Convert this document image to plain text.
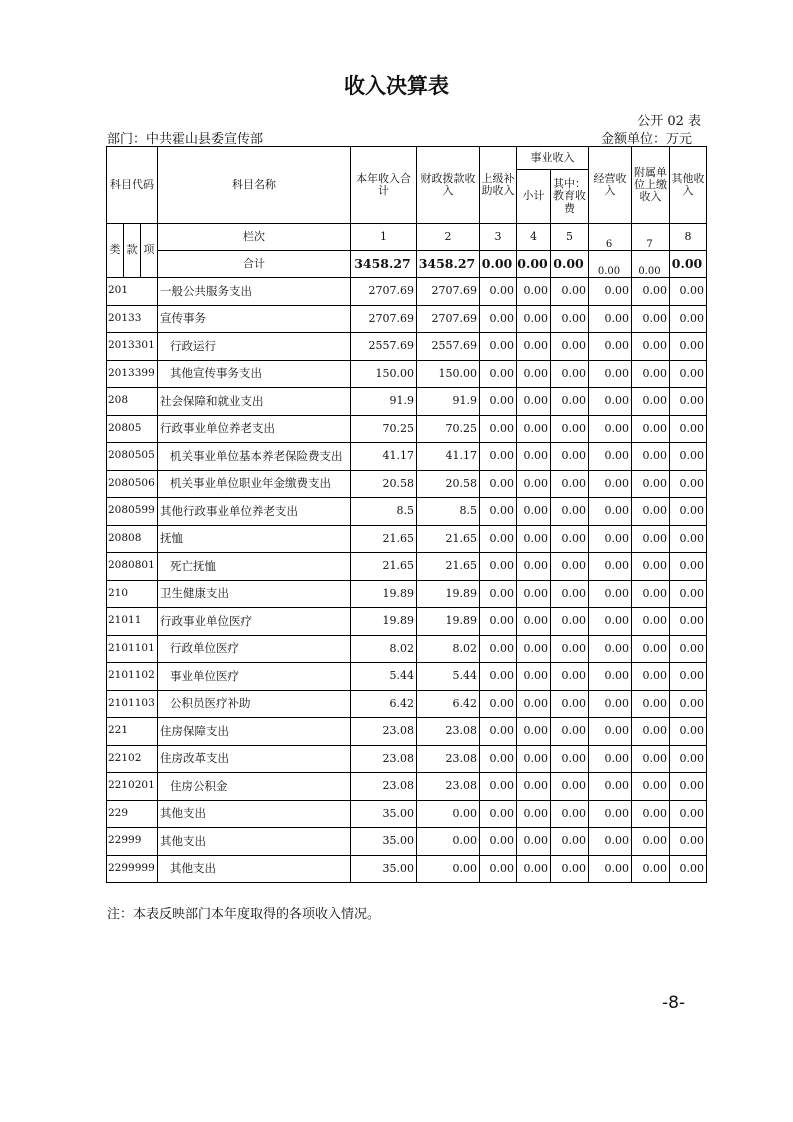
收入决算表
公开 02 表
部门：中共霍山县委宣传部	金额单位：万元
科目代码			科目名称	本年收入合计	财政拨款收入	上级补助收入	事业收入		经营收入	附属单位上缴收入	其他收入
							小计	其中：教育收费			

类	款	项	栏次	1	2	3	4	5	6	7	8
			合计	3458.27	3458.27	0.00	0.00	0.00	0.00	0.00	0.00
201			一般公共服务支出	2707.69	2707.69	0.00	0.00	0.00	0.00	0.00	0.00
20133			宣传事务	2707.69	2707.69	0.00	0.00	0.00	0.00	0.00	0.00
2013301			行政运行	2557.69	2557.69	0.00	0.00	0.00	0.00	0.00	0.00
2013399			其他宣传事务支出	150.00	150.00	0.00	0.00	0.00	0.00	0.00	0.00
208			社会保障和就业支出	91.9	91.9	0.00	0.00	0.00	0.00	0.00	0.00
20805			行政事业单位养老支出	70.25	70.25	0.00	0.00	0.00	0.00	0.00	0.00
2080505			机关事业单位基本养老保险费支出	41.17	41.17	0.00	0.00	0.00	0.00	0.00	0.00
2080506			机关事业单位职业年金缴费支出	20.58	20.58	0.00	0.00	0.00	0.00	0.00	0.00
2080599			其他行政事业单位养老支出	8.5	8.5	0.00	0.00	0.00	0.00	0.00	0.00
20808			抚恤	21.65	21.65	0.00	0.00	0.00	0.00	0.00	0.00
2080801			死亡抚恤	21.65	21.65	0.00	0.00	0.00	0.00	0.00	0.00
210			卫生健康支出	19.89	19.89	0.00	0.00	0.00	0.00	0.00	0.00
21011			行政事业单位医疗	19.89	19.89	0.00	0.00	0.00	0.00	0.00	0.00
2101101			行政单位医疗	8.02	8.02	0.00	0.00	0.00	0.00	0.00	0.00
2101102			事业单位医疗	5.44	5.44	0.00	0.00	0.00	0.00	0.00	0.00
2101103			公积员医疗补助	6.42	6.42	0.00	0.00	0.00	0.00	0.00	0.00
221			住房保障支出	23.08	23.08	0.00	0.00	0.00	0.00	0.00	0.00
22102			住房改革支出	23.08	23.08	0.00	0.00	0.00	0.00	0.00	0.00
2210201			住房公积金	23.08	23.08	0.00	0.00	0.00	0.00	0.00	0.00
229			其他支出	35.00	0.00	0.00	0.00	0.00	0.00	0.00	0.00
22999			其他支出	35.00	0.00	0.00	0.00	0.00	0.00	0.00	0.00
2299999			其他支出	35.00	0.00	0.00	0.00	0.00	0.00	0.00	0.00
注：本表反映部门本年度取得的各项收入情况。
-8-
